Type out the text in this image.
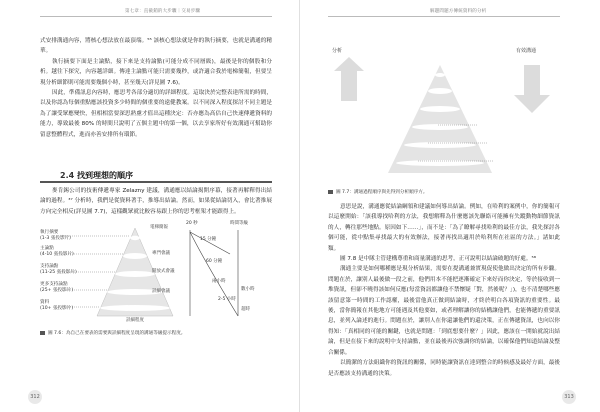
第七章：直截銷的大步驟｜交易步驟

式安排溝通內容，將核心想法放在最頂端。⁵⁵ 該核心想法就是你的執行摘要，也就是溝通的精華。

執行摘要下面是主論點，接下來是支持論點(可能分成不同層級)，最後是你的個股和分析。越往下探究，內容越詳細。傳達主論點可能只需要幾秒，或許適合我於電梯簡報，但要呈現分析細節則可能需要幾個小時，甚至幾天(詳見圖 7.6)。

因此，準備訊息內容時，應思考各部分適切的詳細程度。這取決於完整表達所需的時間，以及你認為每個重點應該投資多少時間的個重要的遠健教案。以不同深入程度探討不同主題是為了讓受眾應變快，但相相當要深思熟慮才值出這種決定：否亦應為高估自己快速傳遞資料的能力，導致最後 80% 的時間只說明了五個主題中的第一個，以去享家所好有效溝通可幫助你留意整體程式，進而亦善安排所有環節。

2.4 找到理想的順序

麥肯錫公司的技術傳遞專家 Zelazny 建議，溝通應以結論揭開序幕，接著再解釋得出結論的過程。³⁷ 分析時，我們是從資料著手，推導出結論。然而，如果從結論切入，會比著推展方向完全相反(詳見圖 7.7)，這樣觀眾就比較容易跟上你的思考框架才能跟得上。

執行摘要
(1-3 張投影片)
主論點
(4-10 張投影片)
支持論點
(11-25 張投影片)
更多支持論點
(25+ 張投影片)
資料
(10+ 張投影片)
電梯簡報
專門會議
開放式會議
詳細會議
20 秒	時間等級
15 分鐘
60 分鐘
兩小時
2-5 小時
數小時
超時
詳細程度
圖 7.6：為自己在要表的需要與詳細程度呈現的溝通等級提示程度。
312
解題問題方傳統資料的分析
分析	有效溝通
圖 7.7：溝通過程順序與先得到分析順序方。

意思是說，溝通應從結論綱領和建議如何導出結論。例如，在哈利的案例中，你的簡報可以這麼開始：「該我導找哈利的方法，我想解釋為什麼應該先聯絡可能擁有失蹤動物細節資訊的人，轉往那些地點。原因如下……」，而不是：「為了瞭解尋找哈利的最佳方法，我先探討各個可能，從中點集尋找最大的有效辦法，接著再找出適用於哈利所在社區的方法。」諸如此類。

圖 7.8 是中隊主管建構尊重和商量溝通的思考，正可說明以結論破題的好處。⁵⁸

溝通主要是如何哪種應是現分析結果，需要在提溝通兼實現促使他做出決定的所有步驟。問題在於，讓別人最後做一段之前，他們用本不能把逐漸確定下來好而你決定，等於接收到一堆資訊，但卻不曉得該如何反應(每當資訊都讓他不禁懷疑「對，然後呢？」)，也不清楚哪些應該留意第一時間的工作認權，最後當他真正做到結論時，才終於明白各項資訊的重要性。最後，當你簡報在其他地方可能遇及其他要如，或者理解讓你的結構讓他們，也能傳遞的重要訊息，並列入論述的進行。問題在於，讓別人在你還讓他們的還決策，正在傳遞資訊，也向以你得知：「真相同的可能的關鍵，也就是問題：「到底想要什麼？」因此，應該在一開始就說出結論，但是在接下來的說明中支持論點，並在最後再次強調你的結論，以確保他們知道結論及整合關係。

以簡潔的方法組織你的資訊的關係，同時能讓資訊在達到整合的時候感及最好方面，最後是否應該支持溝通的決策。

313
